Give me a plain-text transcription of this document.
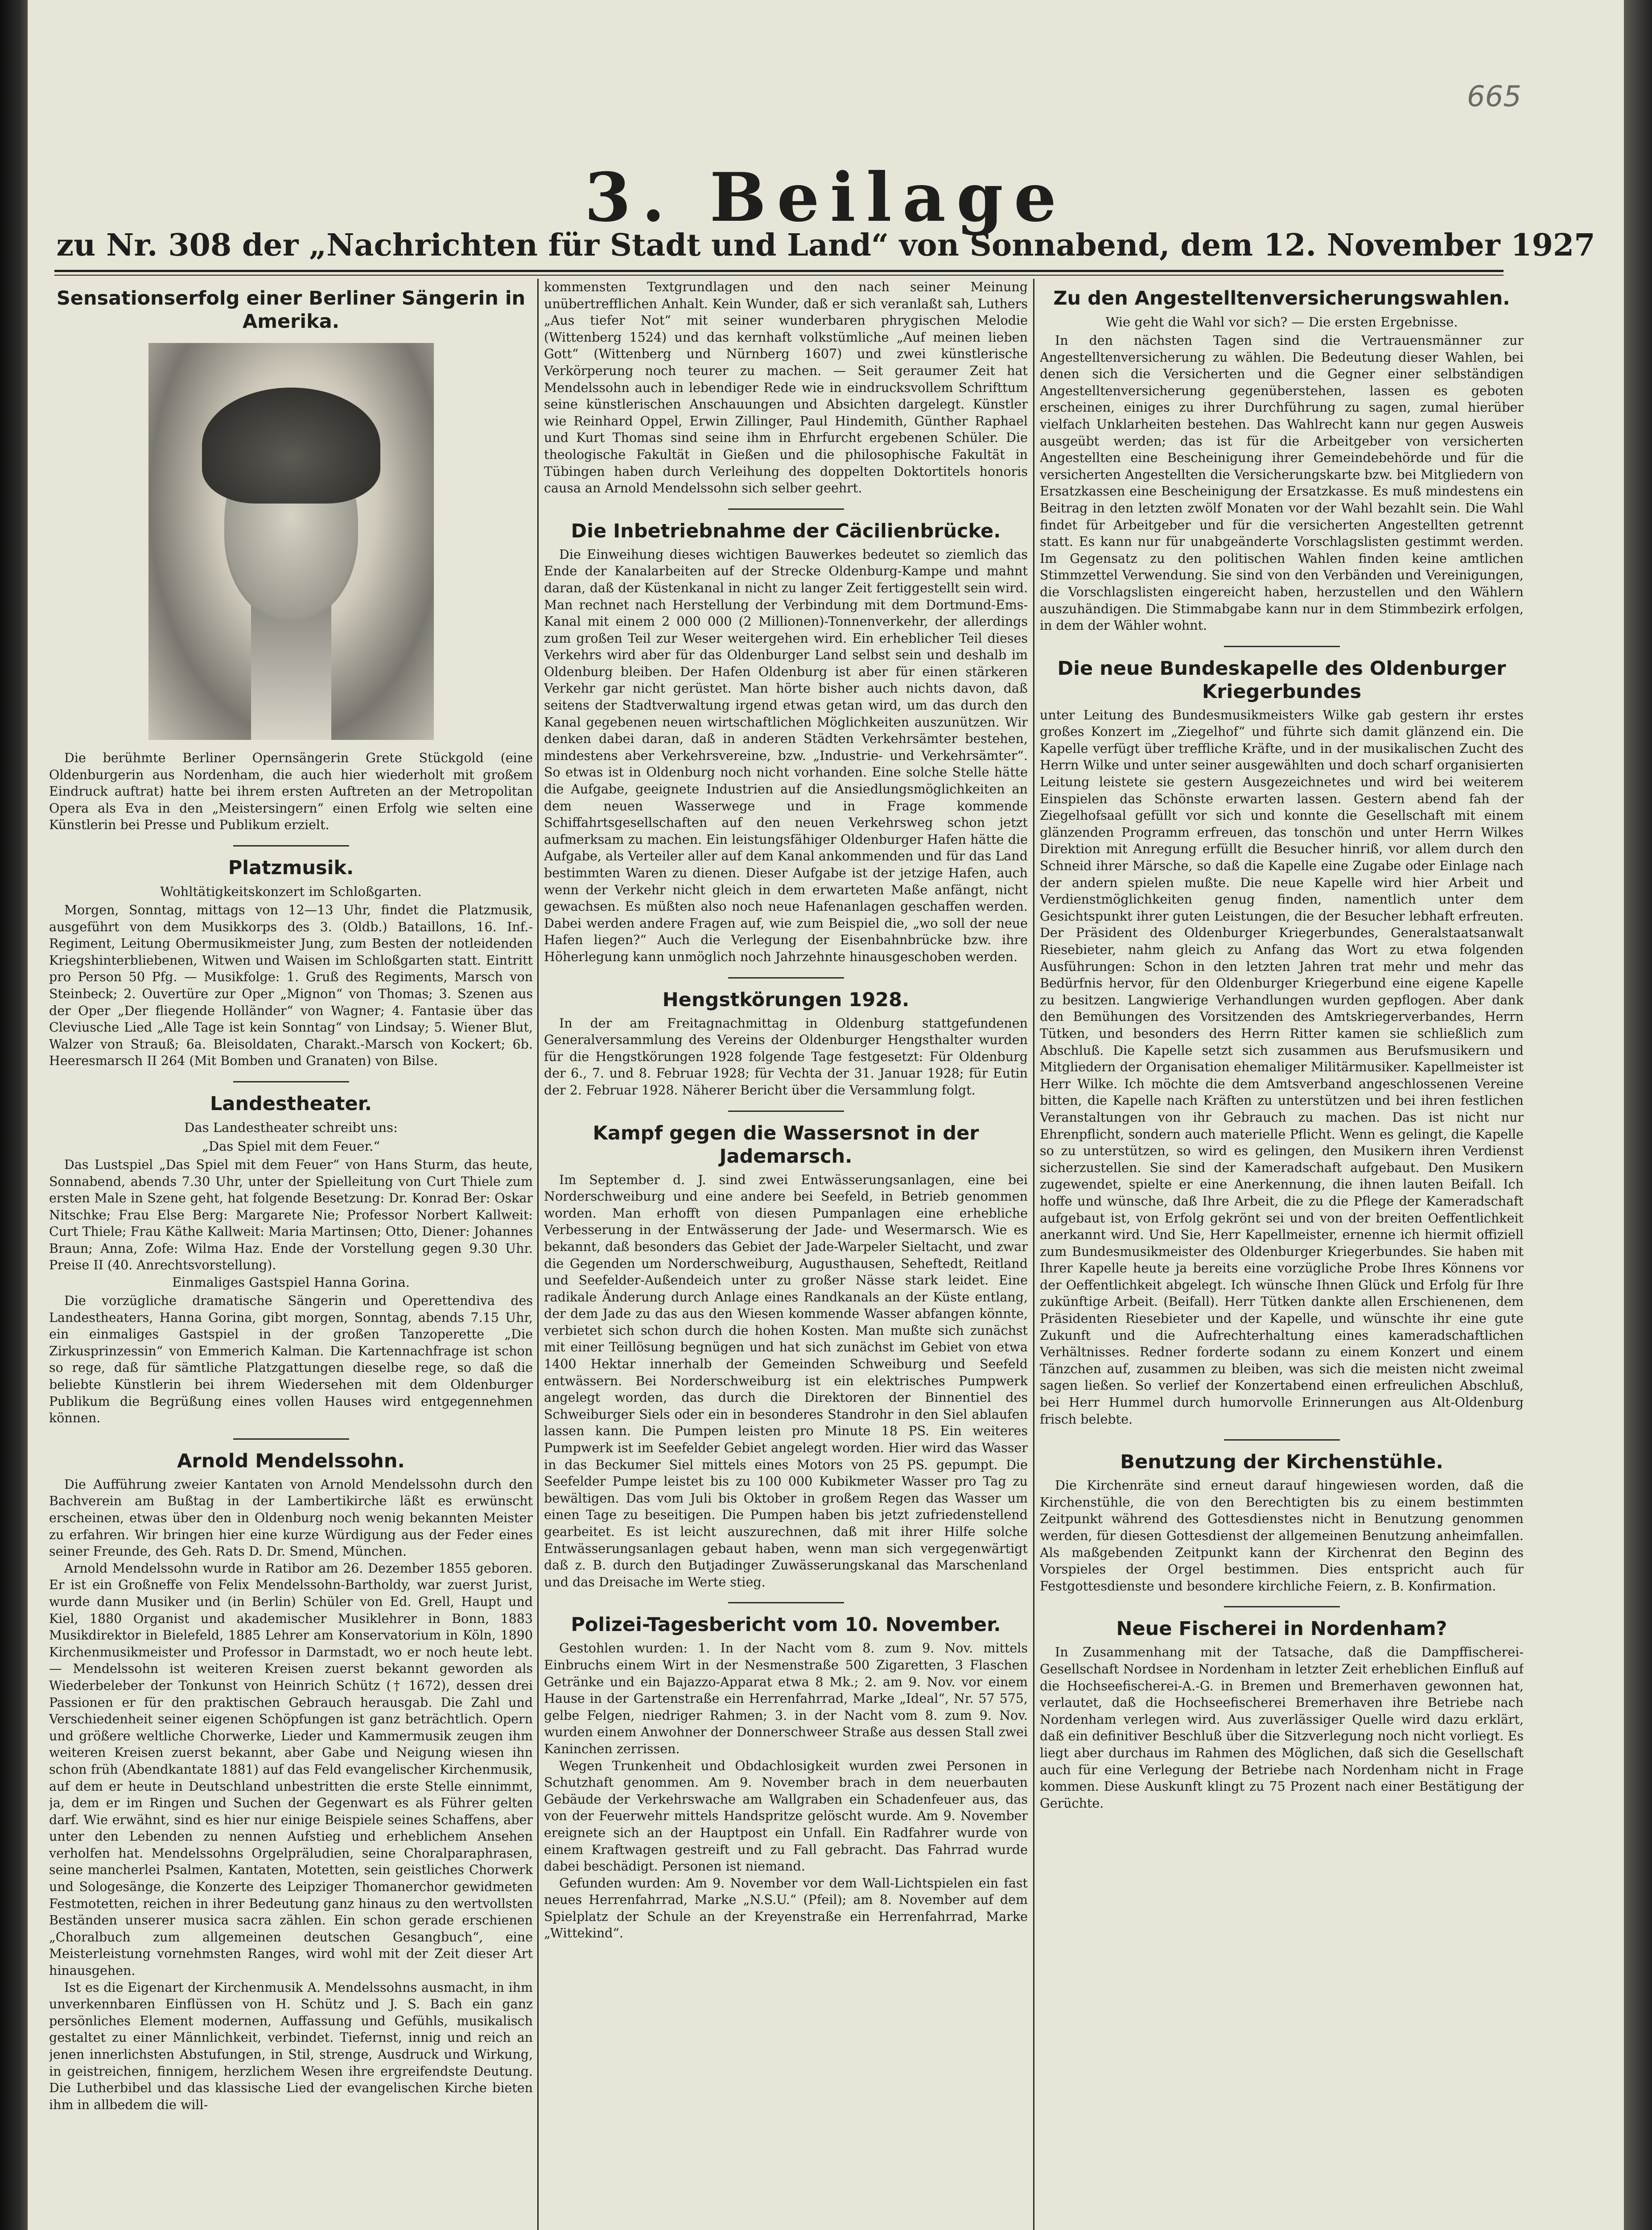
665
3. Beilage
zu Nr. 308 der „Nachrichten für Stadt und Land“ von Sonnabend, dem 12. November 1927
Sensationserfolg einer Berliner Sängerin in Amerika.

Die berühmte Berliner Opernsängerin Grete Stückgold (eine Oldenburgerin aus Nordenham, die auch hier wiederholt mit großem Eindruck auftrat) hatte bei ihrem ersten Auftreten an der Metropolitan Opera als Eva in den „Meistersingern“ einen Erfolg wie selten eine Künstlerin bei Presse und Publikum erzielt.

Platzmusik.
Wohltätigkeitskonzert im Schloßgarten.

Morgen, Sonntag, mittags von 12—13 Uhr, findet die Platzmusik, ausgeführt von dem Musikkorps des 3. (Oldb.) Bataillons, 16. Inf.-Regiment, Leitung Obermusikmeister Jung, zum Besten der notleidenden Kriegshinterbliebenen, Witwen und Waisen im Schloßgarten statt. Eintritt pro Person 50 Pfg. — Musikfolge: 1. Gruß des Regiments, Marsch von Steinbeck; 2. Ouvertüre zur Oper „Mignon“ von Thomas; 3. Szenen aus der Oper „Der fliegende Holländer“ von Wagner; 4. Fantasie über das Cleviusche Lied „Alle Tage ist kein Sonntag“ von Lindsay; 5. Wiener Blut, Walzer von Strauß; 6a. Bleisoldaten, Charakt.-Marsch von Kockert; 6b. Heeresmarsch II 264 (Mit Bomben und Granaten) von Bilse.

Landestheater.
Das Landestheater schreibt uns:
„Das Spiel mit dem Feuer.“

Das Lustspiel „Das Spiel mit dem Feuer“ von Hans Sturm, das heute, Sonnabend, abends 7.30 Uhr, unter der Spielleitung von Curt Thiele zum ersten Male in Szene geht, hat folgende Besetzung: Dr. Konrad Ber: Oskar Nitschke; Frau Else Berg: Margarete Nie; Professor Norbert Kallweit: Curt Thiele; Frau Käthe Kallweit: Maria Martinsen; Otto, Diener: Johannes Braun; Anna, Zofe: Wilma Haz. Ende der Vorstellung gegen 9.30 Uhr. Preise II (40. Anrechtsvorstellung).

Einmaliges Gastspiel Hanna Gorina.

Die vorzügliche dramatische Sängerin und Operettendiva des Landestheaters, Hanna Gorina, gibt morgen, Sonntag, abends 7.15 Uhr, ein einmaliges Gastspiel in der großen Tanzoperette „Die Zirkusprinzessin“ von Emmerich Kalman. Die Kartennachfrage ist schon so rege, daß für sämtliche Platzgattungen dieselbe rege, so daß die beliebte Künstlerin bei ihrem Wiedersehen mit dem Oldenburger Publikum die Begrüßung eines vollen Hauses wird entgegennehmen können.

Arnold Mendelssohn.

Die Aufführung zweier Kantaten von Arnold Mendelssohn durch den Bachverein am Bußtag in der Lambertikirche läßt es erwünscht erscheinen, etwas über den in Oldenburg noch wenig bekannten Meister zu erfahren. Wir bringen hier eine kurze Würdigung aus der Feder eines seiner Freunde, des Geh. Rats D. Dr. Smend, München.

Arnold Mendelssohn wurde in Ratibor am 26. Dezember 1855 geboren. Er ist ein Großneffe von Felix Mendelssohn-Bartholdy, war zuerst Jurist, wurde dann Musiker und (in Berlin) Schüler von Ed. Grell, Haupt und Kiel, 1880 Organist und akademischer Musiklehrer in Bonn, 1883 Musikdirektor in Bielefeld, 1885 Lehrer am Konservatorium in Köln, 1890 Kirchenmusikmeister und Professor in Darmstadt, wo er noch heute lebt. — Mendelssohn ist weiteren Kreisen zuerst bekannt geworden als Wiederbeleber der Tonkunst von Heinrich Schütz († 1672), dessen drei Passionen er für den praktischen Gebrauch herausgab. Die Zahl und Verschiedenheit seiner eigenen Schöpfungen ist ganz beträchtlich. Opern und größere weltliche Chorwerke, Lieder und Kammermusik zeugen ihm weiteren Kreisen zuerst bekannt, aber Gabe und Neigung wiesen ihn schon früh (Abendkantate 1881) auf das Feld evangelischer Kirchenmusik, auf dem er heute in Deutschland unbestritten die erste Stelle einnimmt, ja, dem er im Ringen und Suchen der Gegenwart es als Führer gelten darf. Wie erwähnt, sind es hier nur einige Beispiele seines Schaffens, aber unter den Lebenden zu nennen Aufstieg und erheblichem Ansehen verholfen hat. Mendelssohns Orgelpräludien, seine Choralparaphrasen, seine mancherlei Psalmen, Kantaten, Motetten, sein geistliches Chorwerk und Sologesänge, die Konzerte des Leipziger Thomanerchor gewidmeten Festmotetten, reichen in ihrer Bedeutung ganz hinaus zu den wertvollsten Beständen unserer musica sacra zählen. Ein schon gerade erschienen „Choralbuch zum allgemeinen deutschen Gesangbuch“, eine Meisterleistung vornehmsten Ranges, wird wohl mit der Zeit dieser Art hinausgehen.

Ist es die Eigenart der Kirchenmusik A. Mendelssohns ausmacht, in ihm unverkennbaren Einflüssen von H. Schütz und J. S. Bach ein ganz persönliches Element modernen, Auffassung und Gefühls, musikalisch gestaltet zu einer Männlichkeit, verbindet. Tiefernst, innig und reich an jenen innerlichsten Abstufungen, in Stil, strenge, Ausdruck und Wirkung, in geistreichen, finnigem, herzlichem Wesen ihre ergreifendste Deutung. Die Lutherbibel und das klassische Lied der evangelischen Kirche bieten ihm in allbedem die will-

kommensten Textgrundlagen und den nach seiner Meinung unübertrefflichen Anhalt. Kein Wunder, daß er sich veranlaßt sah, Luthers „Aus tiefer Not“ mit seiner wunderbaren phrygischen Melodie (Wittenberg 1524) und das kernhaft volkstümliche „Auf meinen lieben Gott“ (Wittenberg und Nürnberg 1607) und zwei künstlerische Verkörperung noch teurer zu machen. — Seit geraumer Zeit hat Mendelssohn auch in lebendiger Rede wie in eindrucksvollem Schrifttum seine künstlerischen Anschauungen und Absichten dargelegt. Künstler wie Reinhard Oppel, Erwin Zillinger, Paul Hindemith, Günther Raphael und Kurt Thomas sind seine ihm in Ehrfurcht ergebenen Schüler. Die theologische Fakultät in Gießen und die philosophische Fakultät in Tübingen haben durch Verleihung des doppelten Doktortitels honoris causa an Arnold Mendelssohn sich selber geehrt.

Die Inbetriebnahme der Cäcilienbrücke.

Die Einweihung dieses wichtigen Bauwerkes bedeutet so ziemlich das Ende der Kanalarbeiten auf der Strecke Oldenburg-Kampe und mahnt daran, daß der Küstenkanal in nicht zu langer Zeit fertiggestellt sein wird. Man rechnet nach Herstellung der Verbindung mit dem Dortmund-Ems-Kanal mit einem 2 000 000 (2 Millionen)-Tonnenverkehr, der allerdings zum großen Teil zur Weser weitergehen wird. Ein erheblicher Teil dieses Verkehrs wird aber für das Oldenburger Land selbst sein und deshalb im Oldenburg bleiben. Der Hafen Oldenburg ist aber für einen stärkeren Verkehr gar nicht gerüstet. Man hörte bisher auch nichts davon, daß seitens der Stadtverwaltung irgend etwas getan wird, um das durch den Kanal gegebenen neuen wirtschaftlichen Möglichkeiten auszunützen. Wir denken dabei daran, daß in anderen Städten Verkehrsämter bestehen, mindestens aber Verkehrsvereine, bzw. „Industrie- und Verkehrsämter“. So etwas ist in Oldenburg noch nicht vorhanden. Eine solche Stelle hätte die Aufgabe, geeignete Industrien auf die Ansiedlungsmöglichkeiten an dem neuen Wasserwege und in Frage kommende Schiffahrtsgesellschaften auf den neuen Verkehrsweg schon jetzt aufmerksam zu machen. Ein leistungsfähiger Oldenburger Hafen hätte die Aufgabe, als Verteiler aller auf dem Kanal ankommenden und für das Land bestimmten Waren zu dienen. Dieser Aufgabe ist der jetzige Hafen, auch wenn der Verkehr nicht gleich in dem erwarteten Maße anfängt, nicht gewachsen. Es müßten also noch neue Hafenanlagen geschaffen werden. Dabei werden andere Fragen auf, wie zum Beispiel die, „wo soll der neue Hafen liegen?“ Auch die Verlegung der Eisenbahnbrücke bzw. ihre Höherlegung kann unmöglich noch Jahrzehnte hinausgeschoben werden.

Hengstkörungen 1928.

In der am Freitagnachmittag in Oldenburg stattgefundenen Generalversammlung des Vereins der Oldenburger Hengsthalter wurden für die Hengstkörungen 1928 folgende Tage festgesetzt: Für Oldenburg der 6., 7. und 8. Februar 1928; für Vechta der 31. Januar 1928; für Eutin der 2. Februar 1928. Näherer Bericht über die Versammlung folgt.

Kampf gegen die Wassersnot in der Jademarsch.

Im September d. J. sind zwei Entwässerungsanlagen, eine bei Norderschweiburg und eine andere bei Seefeld, in Betrieb genommen worden. Man erhofft von diesen Pumpanlagen eine erhebliche Verbesserung in der Entwässerung der Jade- und Wesermarsch. Wie es bekannt, daß besonders das Gebiet der Jade-Warpeler Sieltacht, und zwar die Gegenden um Norderschweiburg, Augusthausen, Seheftedt, Reitland und Seefelder-Außendeich unter zu großer Nässe stark leidet. Eine radikale Änderung durch Anlage eines Randkanals an der Küste entlang, der dem Jade zu das aus den Wiesen kommende Wasser abfangen könnte, verbietet sich schon durch die hohen Kosten. Man mußte sich zunächst mit einer Teillösung begnügen und hat sich zunächst im Gebiet von etwa 1400 Hektar innerhalb der Gemeinden Schweiburg und Seefeld entwässern. Bei Norderschweiburg ist ein elektrisches Pumpwerk angelegt worden, das durch die Direktoren der Binnentiel des Schweiburger Siels oder ein in besonderes Standrohr in den Siel ablaufen lassen kann. Die Pumpen leisten pro Minute 18 PS. Ein weiteres Pumpwerk ist im Seefelder Gebiet angelegt worden. Hier wird das Wasser in das Beckumer Siel mittels eines Motors von 25 PS. gepumpt. Die Seefelder Pumpe leistet bis zu 100 000 Kubikmeter Wasser pro Tag zu bewältigen. Das vom Juli bis Oktober in großem Regen das Wasser um einen Tage zu beseitigen. Die Pumpen haben bis jetzt zufriedenstellend gearbeitet. Es ist leicht auszurechnen, daß mit ihrer Hilfe solche Entwässerungsanlagen gebaut haben, wenn man sich vergegenwärtigt daß z. B. durch den Butjadinger Zuwässerungskanal das Marschenland und das Dreisache im Werte stieg.

Polizei-Tagesbericht vom 10. November.

Gestohlen wurden: 1. In der Nacht vom 8. zum 9. Nov. mittels Einbruchs einem Wirt in der Nesmenstraße 500 Zigaretten, 3 Flaschen Getränke und ein Bajazzo-Apparat etwa 8 Mk.; 2. am 9. Nov. vor einem Hause in der Gartenstraße ein Herrenfahrrad, Marke „Ideal“, Nr. 57 575, gelbe Felgen, niedriger Rahmen; 3. in der Nacht vom 8. zum 9. Nov. wurden einem Anwohner der Donnerschweer Straße aus dessen Stall zwei Kaninchen zerrissen.

Wegen Trunkenheit und Obdachlosigkeit wurden zwei Personen in Schutzhaft genommen. Am 9. November brach in dem neuerbauten Gebäude der Verkehrswache am Wallgraben ein Schadenfeuer aus, das von der Feuerwehr mittels Handspritze gelöscht wurde. Am 9. November ereignete sich an der Hauptpost ein Unfall. Ein Radfahrer wurde von einem Kraftwagen gestreift und zu Fall gebracht. Das Fahrrad wurde dabei beschädigt. Personen ist niemand.

Gefunden wurden: Am 9. November vor dem Wall-Lichtspielen ein fast neues Herrenfahrrad, Marke „N.S.U.“ (Pfeil); am 8. November auf dem Spielplatz der Schule an der Kreyenstraße ein Herrenfahrrad, Marke „Wittekind“.

Zu den Angestelltenversicherungswahlen.
Wie geht die Wahl vor sich? — Die ersten Ergebnisse.

In den nächsten Tagen sind die Vertrauensmänner zur Angestelltenversicherung zu wählen. Die Bedeutung dieser Wahlen, bei denen sich die Versicherten und die Gegner einer selbständigen Angestelltenversicherung gegenüberstehen, lassen es geboten erscheinen, einiges zu ihrer Durchführung zu sagen, zumal hierüber vielfach Unklarheiten bestehen. Das Wahlrecht kann nur gegen Ausweis ausgeübt werden; das ist für die Arbeitgeber von versicherten Angestellten eine Bescheinigung ihrer Gemeindebehörde und für die versicherten Angestellten die Versicherungskarte bzw. bei Mitgliedern von Ersatzkassen eine Bescheinigung der Ersatzkasse. Es muß mindestens ein Beitrag in den letzten zwölf Monaten vor der Wahl bezahlt sein. Die Wahl findet für Arbeitgeber und für die versicherten Angestellten getrennt statt. Es kann nur für unabgeänderte Vorschlagslisten gestimmt werden. Im Gegensatz zu den politischen Wahlen finden keine amtlichen Stimmzettel Verwendung. Sie sind von den Verbänden und Vereinigungen, die Vorschlagslisten eingereicht haben, herzustellen und den Wählern auszuhändigen. Die Stimmabgabe kann nur in dem Stimmbezirk erfolgen, in dem der Wähler wohnt.

Die neue Bundeskapelle des Oldenburger Kriegerbundes

unter Leitung des Bundesmusikmeisters Wilke gab gestern ihr erstes großes Konzert im „Ziegelhof“ und führte sich damit glänzend ein. Die Kapelle verfügt über treffliche Kräfte, und in der musikalischen Zucht des Herrn Wilke und unter seiner ausgewählten und doch scharf organisierten Leitung leistete sie gestern Ausgezeichnetes und wird bei weiterem Einspielen das Schönste erwarten lassen. Gestern abend fah der Ziegelhofsaal gefüllt vor sich und konnte die Gesellschaft mit einem glänzenden Programm erfreuen, das tonschön und unter Herrn Wilkes Direktion mit Anregung erfüllt die Besucher hinriß, vor allem durch den Schneid ihrer Märsche, so daß die Kapelle eine Zugabe oder Einlage nach der andern spielen mußte. Die neue Kapelle wird hier Arbeit und Verdienstmöglichkeiten genug finden, namentlich unter dem Gesichtspunkt ihrer guten Leistungen, die der Besucher lebhaft erfreuten. Der Präsident des Oldenburger Kriegerbundes, Generalstaatsanwalt Riesebieter, nahm gleich zu Anfang das Wort zu etwa folgenden Ausführungen: Schon in den letzten Jahren trat mehr und mehr das Bedürfnis hervor, für den Oldenburger Kriegerbund eine eigene Kapelle zu besitzen. Langwierige Verhandlungen wurden gepflogen. Aber dank den Bemühungen des Vorsitzenden des Amtskriegerverbandes, Herrn Tütken, und besonders des Herrn Ritter kamen sie schließlich zum Abschluß. Die Kapelle setzt sich zusammen aus Berufsmusikern und Mitgliedern der Organisation ehemaliger Militärmusiker. Kapellmeister ist Herr Wilke. Ich möchte die dem Amtsverband angeschlossenen Vereine bitten, die Kapelle nach Kräften zu unterstützen und bei ihren festlichen Veranstaltungen von ihr Gebrauch zu machen. Das ist nicht nur Ehrenpflicht, sondern auch materielle Pflicht. Wenn es gelingt, die Kapelle so zu unterstützen, so wird es gelingen, den Musikern ihren Verdienst sicherzustellen. Sie sind der Kameradschaft aufgebaut. Den Musikern zugewendet, spielte er eine Anerkennung, die ihnen lauten Beifall. Ich hoffe und wünsche, daß Ihre Arbeit, die zu die Pflege der Kameradschaft aufgebaut ist, von Erfolg gekrönt sei und von der breiten Oeffentlichkeit anerkannt wird. Und Sie, Herr Kapellmeister, ernenne ich hiermit offiziell zum Bundesmusikmeister des Oldenburger Kriegerbundes. Sie haben mit Ihrer Kapelle heute ja bereits eine vorzügliche Probe Ihres Könnens vor der Oeffentlichkeit abgelegt. Ich wünsche Ihnen Glück und Erfolg für Ihre zukünftige Arbeit. (Beifall). Herr Tütken dankte allen Erschienenen, dem Präsidenten Riesebieter und der Kapelle, und wünschte ihr eine gute Zukunft und die Aufrechterhaltung eines kameradschaftlichen Verhältnisses. Redner forderte sodann zu einem Konzert und einem Tänzchen auf, zusammen zu bleiben, was sich die meisten nicht zweimal sagen ließen. So verlief der Konzertabend einen erfreulichen Abschluß, bei Herr Hummel durch humorvolle Erinnerungen aus Alt-Oldenburg frisch belebte.

Benutzung der Kirchenstühle.

Die Kirchenräte sind erneut darauf hingewiesen worden, daß die Kirchenstühle, die von den Berechtigten bis zu einem bestimmten Zeitpunkt während des Gottesdienstes nicht in Benutzung genommen werden, für diesen Gottesdienst der allgemeinen Benutzung anheimfallen. Als maßgebenden Zeitpunkt kann der Kirchenrat den Beginn des Vorspieles der Orgel bestimmen. Dies entspricht auch für Festgottesdienste und besondere kirchliche Feiern, z. B. Konfirmation.

Neue Fischerei in Nordenham?

In Zusammenhang mit der Tatsache, daß die Dampffischerei-Gesellschaft Nordsee in Nordenham in letzter Zeit erheblichen Einfluß auf die Hochseefischerei-A.-G. in Bremen und Bremerhaven gewonnen hat, verlautet, daß die Hochseefischerei Bremerhaven ihre Betriebe nach Nordenham verlegen wird. Aus zuverlässiger Quelle wird dazu erklärt, daß ein definitiver Beschluß über die Sitzverlegung noch nicht vorliegt. Es liegt aber durchaus im Rahmen des Möglichen, daß sich die Gesellschaft auch für eine Verlegung der Betriebe nach Nordenham nicht in Frage kommen. Diese Auskunft klingt zu 75 Prozent nach einer Bestätigung der Gerüchte.
